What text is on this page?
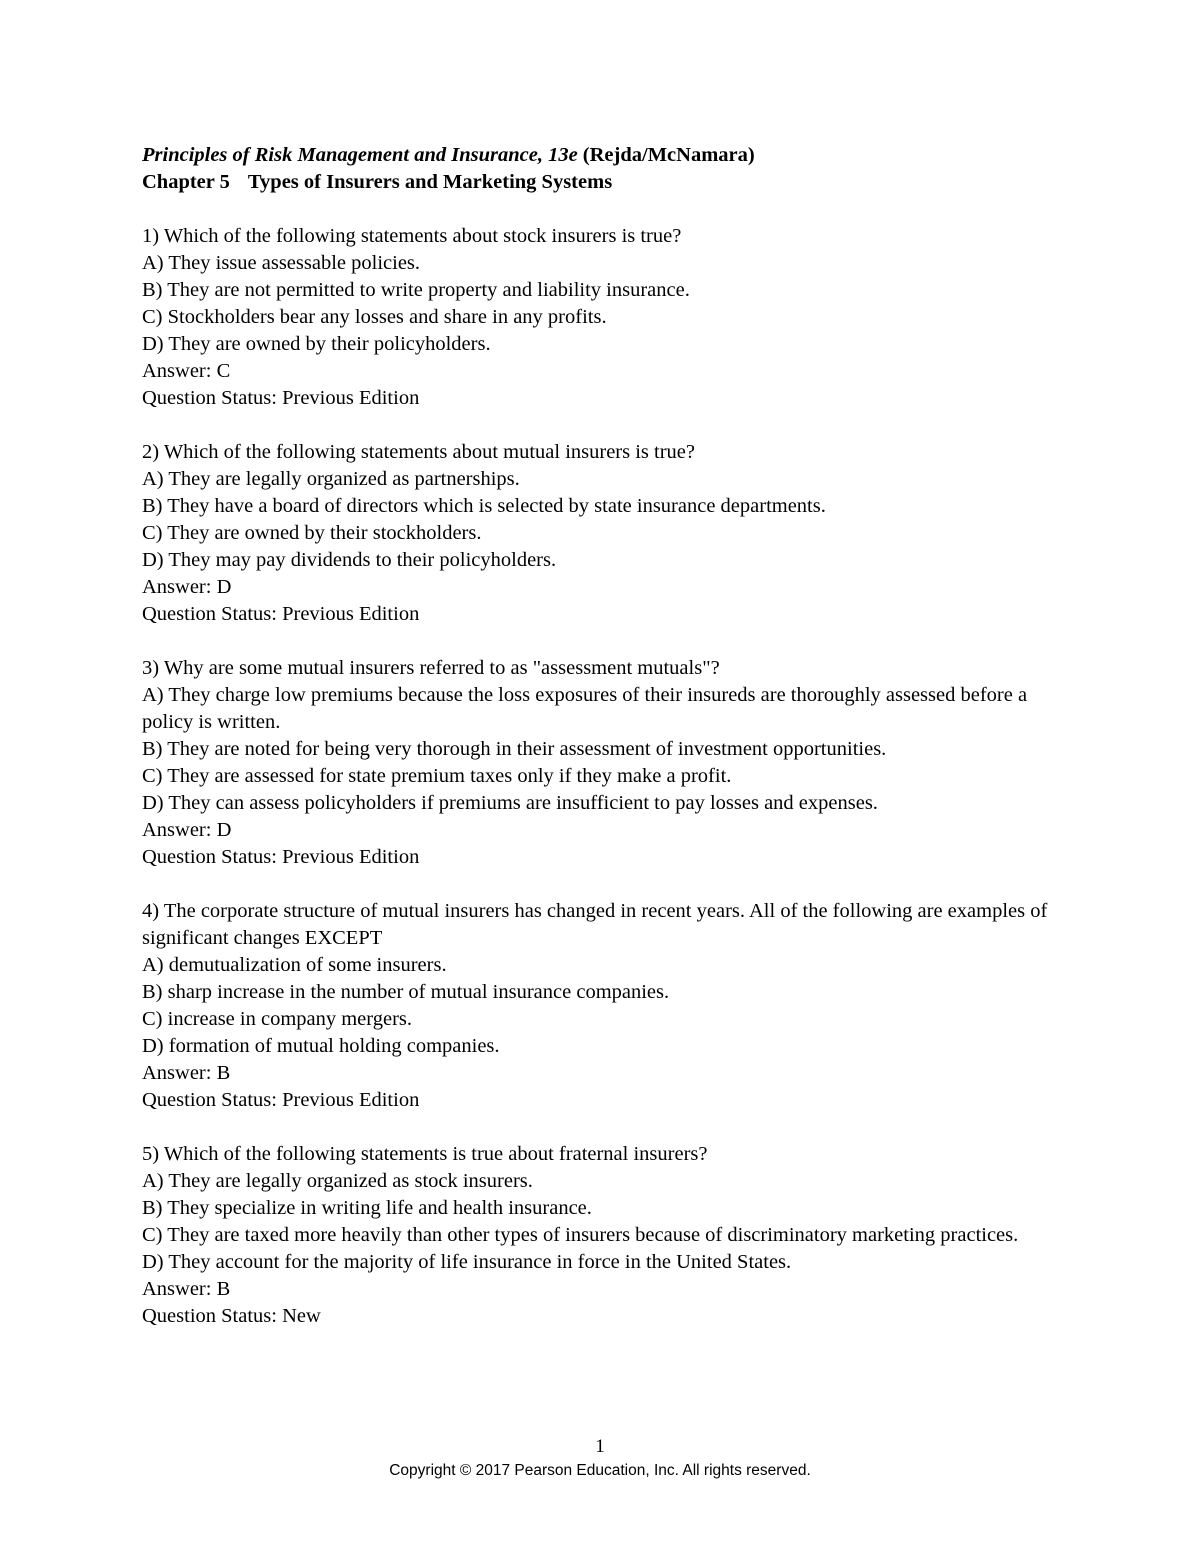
Principles of Risk Management and Insurance, 13e (Rejda/McNamara)
Chapter 5 Types of Insurers and Marketing Systems
1) Which of the following statements about stock insurers is true?
A) They issue assessable policies.
B) They are not permitted to write property and liability insurance.
C) Stockholders bear any losses and share in any profits.
D) They are owned by their policyholders.
Answer: C
Question Status: Previous Edition
2) Which of the following statements about mutual insurers is true?
A) They are legally organized as partnerships.
B) They have a board of directors which is selected by state insurance departments.
C) They are owned by their stockholders.
D) They may pay dividends to their policyholders.
Answer: D
Question Status: Previous Edition
3) Why are some mutual insurers referred to as "assessment mutuals"?
A) They charge low premiums because the loss exposures of their insureds are thoroughly assessed before a policy is written.
B) They are noted for being very thorough in their assessment of investment opportunities.
C) They are assessed for state premium taxes only if they make a profit.
D) They can assess policyholders if premiums are insufficient to pay losses and expenses.
Answer: D
Question Status: Previous Edition
4) The corporate structure of mutual insurers has changed in recent years. All of the following are examples of significant changes EXCEPT
A) demutualization of some insurers.
B) sharp increase in the number of mutual insurance companies.
C) increase in company mergers.
D) formation of mutual holding companies.
Answer: B
Question Status: Previous Edition
5) Which of the following statements is true about fraternal insurers?
A) They are legally organized as stock insurers.
B) They specialize in writing life and health insurance.
C) They are taxed more heavily than other types of insurers because of discriminatory marketing practices.
D) They account for the majority of life insurance in force in the United States.
Answer: B
Question Status: New
1
Copyright © 2017 Pearson Education, Inc. All rights reserved.
